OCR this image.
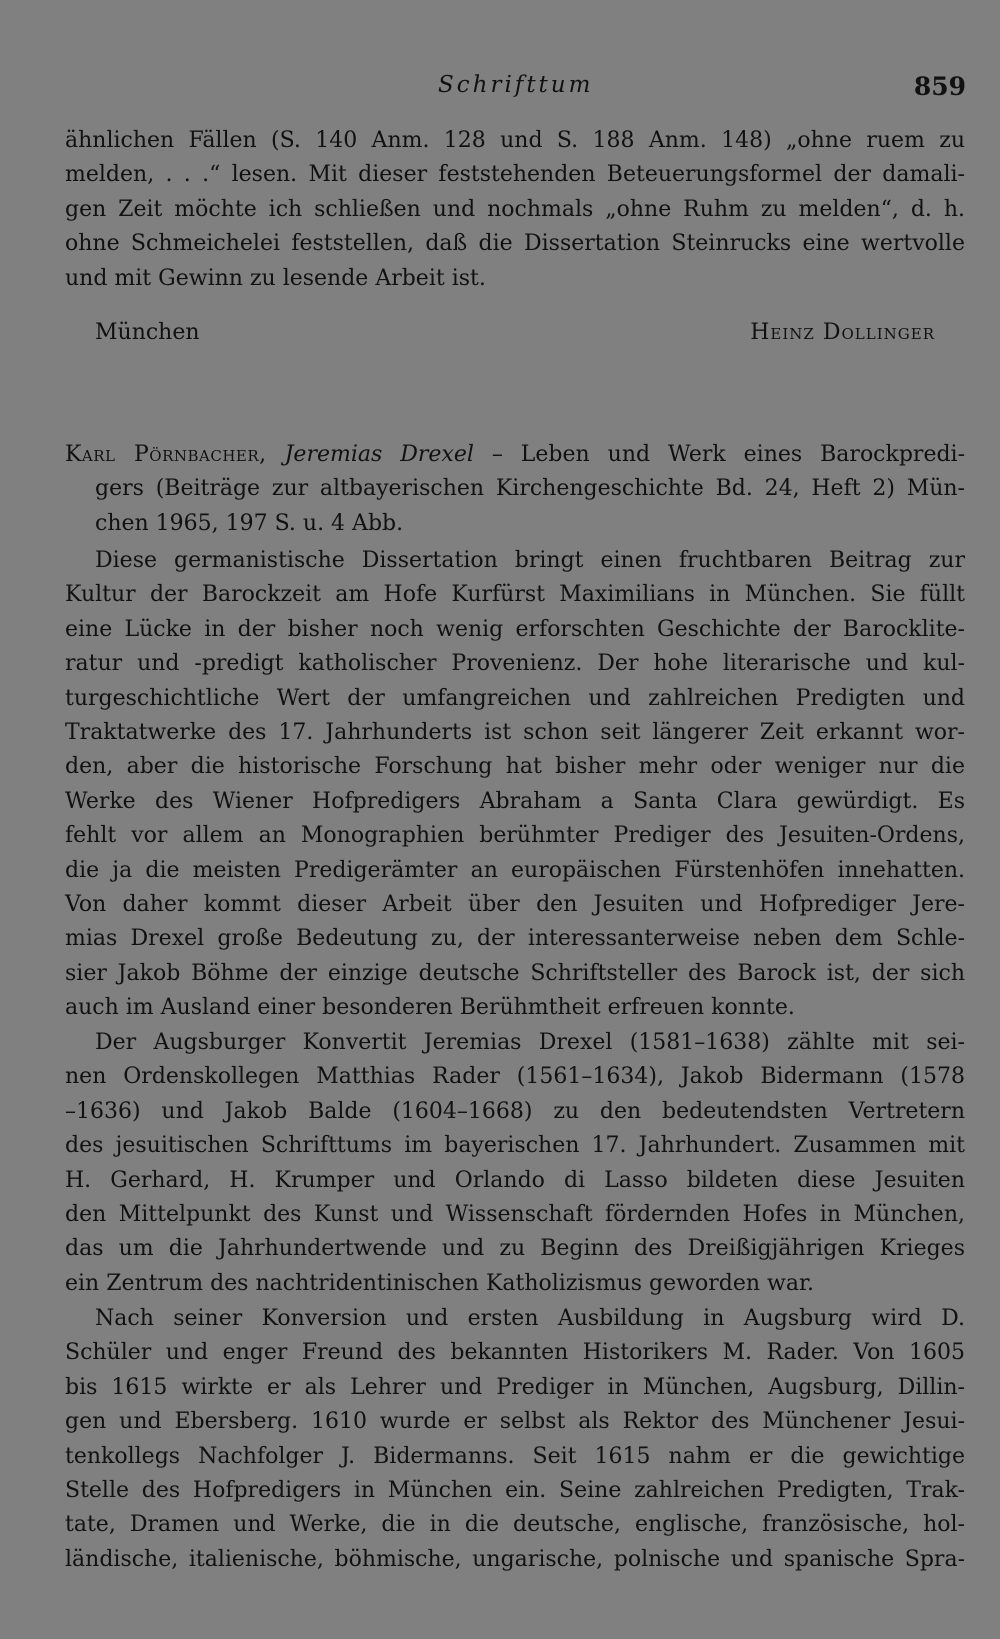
Schrifttum	859
ähnlichen Fällen (S. 140 Anm. 128 und S. 188 Anm. 148) „ohne ruem zu
melden, . . .“ lesen. Mit dieser feststehenden Beteuerungsformel der damali-
gen Zeit möchte ich schließen und nochmals „ohne Ruhm zu melden“, d. h.
ohne Schmeichelei feststellen, daß die Dissertation Steinrucks eine wertvolle
und mit Gewinn zu lesende Arbeit ist.
München	Heinz Dollinger
Karl Pörnbacher, Jeremias Drexel – Leben und Werk eines Barockpredi-
gers (Beiträge zur altbayerischen Kirchengeschichte Bd. 24, Heft 2) Mün-
chen 1965, 197 S. u. 4 Abb.
Diese germanistische Dissertation bringt einen fruchtbaren Beitrag zur
Kultur der Barockzeit am Hofe Kurfürst Maximilians in München. Sie füllt
eine Lücke in der bisher noch wenig erforschten Geschichte der Barocklite-
ratur und -predigt katholischer Provenienz. Der hohe literarische und kul-
turgeschichtliche Wert der umfangreichen und zahlreichen Predigten und
Traktatwerke des 17. Jahrhunderts ist schon seit längerer Zeit erkannt wor-
den, aber die historische Forschung hat bisher mehr oder weniger nur die
Werke des Wiener Hofpredigers Abraham a Santa Clara gewürdigt. Es
fehlt vor allem an Monographien berühmter Prediger des Jesuiten-Ordens,
die ja die meisten Predigerämter an europäischen Fürstenhöfen innehatten.
Von daher kommt dieser Arbeit über den Jesuiten und Hofprediger Jere-
mias Drexel große Bedeutung zu, der interessanterweise neben dem Schle-
sier Jakob Böhme der einzige deutsche Schriftsteller des Barock ist, der sich
auch im Ausland einer besonderen Berühmtheit erfreuen konnte.
Der Augsburger Konvertit Jeremias Drexel (1581–1638) zählte mit sei-
nen Ordenskollegen Matthias Rader (1561–1634), Jakob Bidermann (1578
–1636) und Jakob Balde (1604–1668) zu den bedeutendsten Vertretern
des jesuitischen Schrifttums im bayerischen 17. Jahrhundert. Zusammen mit
H. Gerhard, H. Krumper und Orlando di Lasso bildeten diese Jesuiten
den Mittelpunkt des Kunst und Wissenschaft fördernden Hofes in München,
das um die Jahrhundertwende und zu Beginn des Dreißigjährigen Krieges
ein Zentrum des nachtridentinischen Katholizismus geworden war.
Nach seiner Konversion und ersten Ausbildung in Augsburg wird D.
Schüler und enger Freund des bekannten Historikers M. Rader. Von 1605
bis 1615 wirkte er als Lehrer und Prediger in München, Augsburg, Dillin-
gen und Ebersberg. 1610 wurde er selbst als Rektor des Münchener Jesui-
tenkollegs Nachfolger J. Bidermanns. Seit 1615 nahm er die gewichtige
Stelle des Hofpredigers in München ein. Seine zahlreichen Predigten, Trak-
tate, Dramen und Werke, die in die deutsche, englische, französische, hol-
ländische, italienische, böhmische, ungarische, polnische und spanische Spra-
